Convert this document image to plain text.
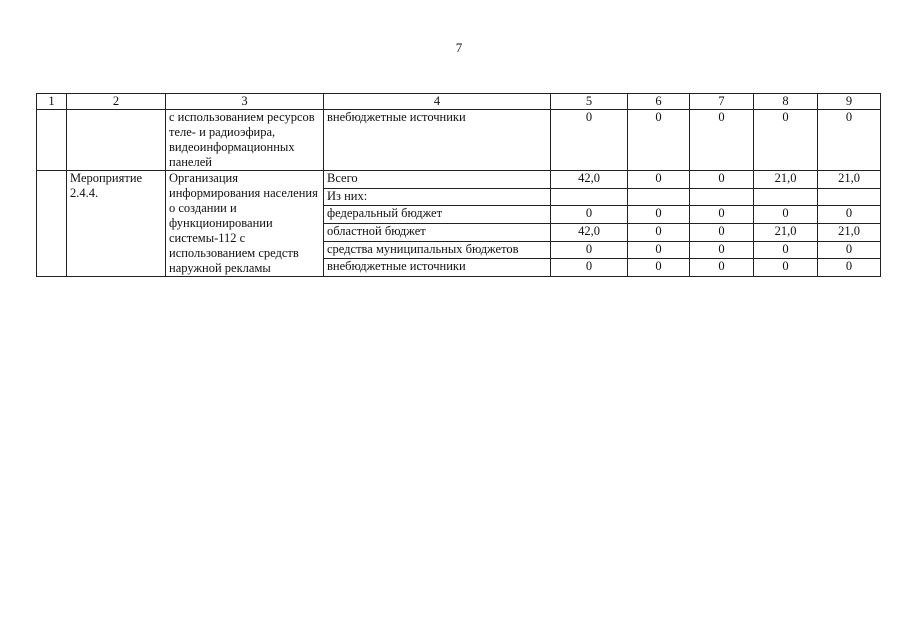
7
1	2	3	4	5	6	7	8	9
		с использованием ресурсов теле- и радиоэфира, видеоинформационных панелей	внебюджетные источники	0	0	0	0	0
	Мероприятие 2.4.4.	Организация информирования населения о создании и функционировании системы-112 с использованием средств наружной рекламы	Всего	42,0	0	0	21,0	21,0
			Из них:					
			федеральный бюджет	0	0	0	0	0
			областной бюджет	42,0	0	0	21,0	21,0
			средства муниципальных бюджетов	0	0	0	0	0
			внебюджетные источники	0	0	0	0	0
